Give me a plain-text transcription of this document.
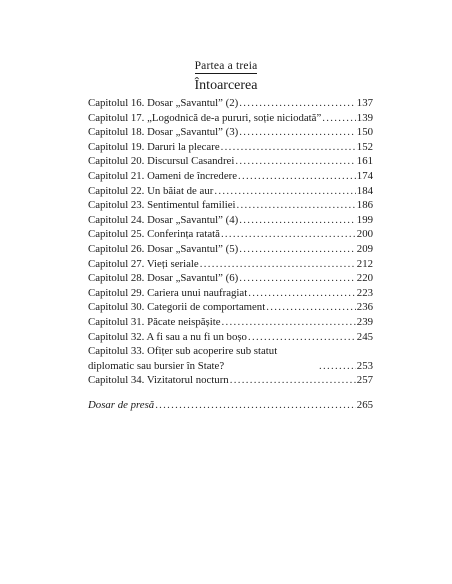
Partea a treia
Întoarcerea
Capitolul 16. Dosar „Savantul” (2) .....	137
Capitolul 17. „Logodnică de-a pururi, soție niciodată” .....	139
Capitolul 18. Dosar „Savantul” (3) .....	150
Capitolul 19. Daruri la plecare .....	152
Capitolul 20. Discursul Casandrei .....	161
Capitolul 21. Oameni de încredere .....	174
Capitolul 22. Un băiat de aur .....	184
Capitolul 23. Sentimentul familiei .....	186
Capitolul 24. Dosar „Savantul” (4) .....	199
Capitolul 25. Conferința ratată .....	200
Capitolul 26. Dosar „Savantul” (5) .....	209
Capitolul 27. Vieți seriale .....	212
Capitolul 28. Dosar „Savantul” (6) .....	220
Capitolul 29. Cariera unui naufragiat .....	223
Capitolul 30. Categorii de comportament .....	236
Capitolul 31. Păcate neispășite .....	239
Capitolul 32. A fi sau a nu fi un boșo .....	245
Capitolul 33. Ofițer sub acoperire sub statut diplomatic sau bursier în State? .....	253
Capitolul 34. Vizitatorul nocturn .....	257
Dosar de presă .....	265
